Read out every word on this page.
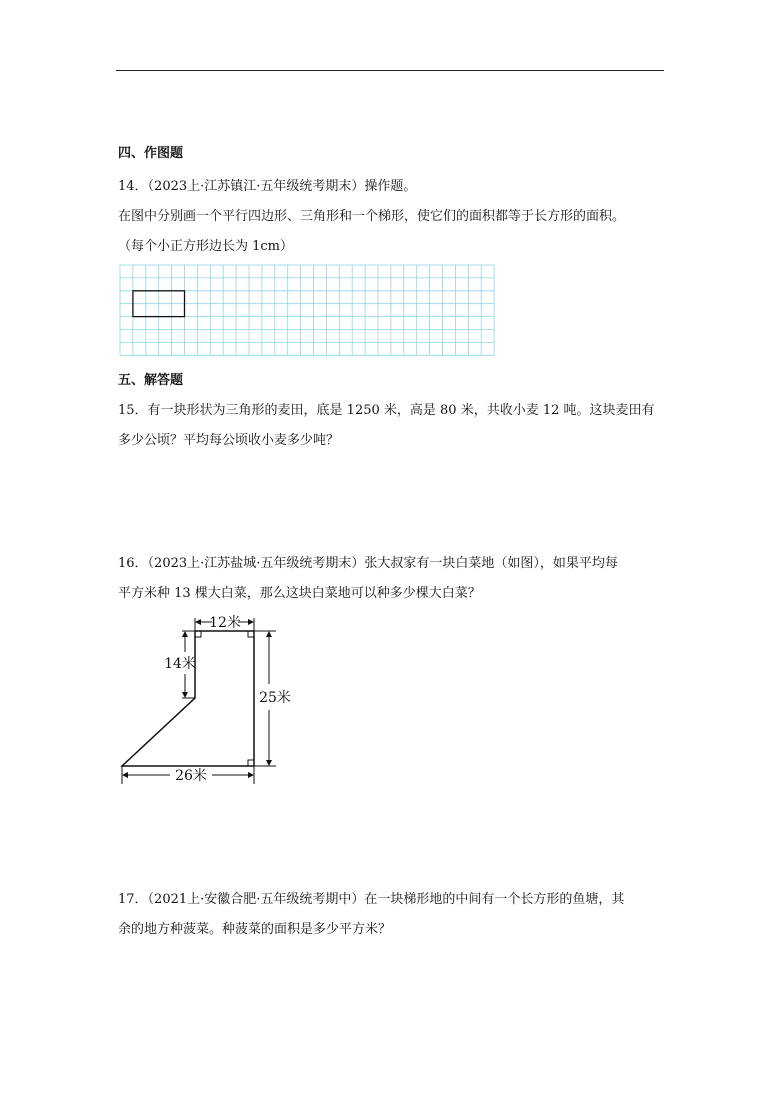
四、作图题
14．（2023上·江苏镇江·五年级统考期末）操作题。
在图中分别画一个平行四边形、三角形和一个梯形，使它们的面积都等于长方形的面积。
（每个小正方形边长为 1cm）
五、解答题
15．有一块形状为三角形的麦田，底是 1250 米，高是 80 米，共收小麦 12 吨。这块麦田有
多少公顷？平均每公顷收小麦多少吨？
16．（2023上·江苏盐城·五年级统考期末）张大叔家有一块白菜地（如图），如果平均每
平方米种 13 棵大白菜，那么这块白菜地可以种多少棵大白菜？
12米
14米
25米
26米
17．（2021上·安徽合肥·五年级统考期中）在一块梯形地的中间有一个长方形的鱼塘，其
余的地方种菠菜。种菠菜的面积是多少平方米？
